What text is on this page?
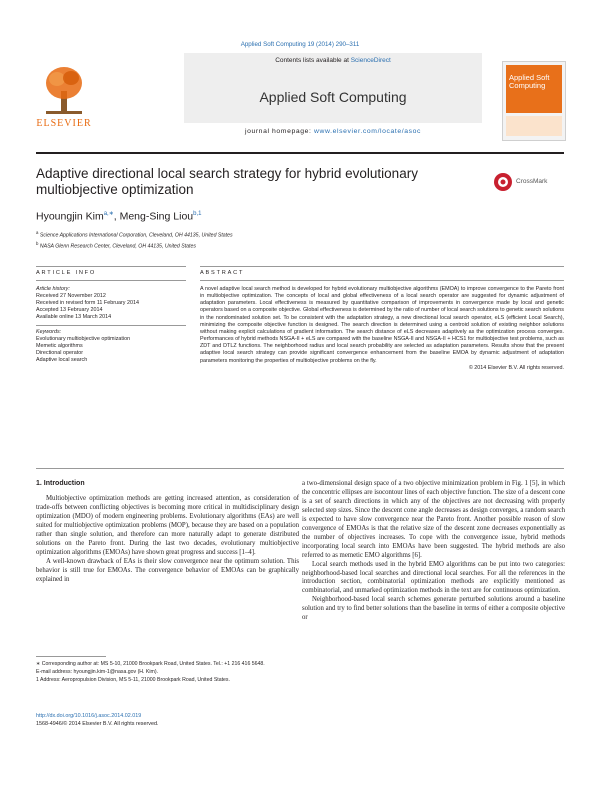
Applied Soft Computing 19 (2014) 290–311
ELSEVIER
Contents lists available at ScienceDirect
Applied Soft Computing
journal homepage: www.elsevier.com/locate/asoc
Applied Soft Computing
Adaptive directional local search strategy for hybrid evolutionary multiobjective optimization
CrossMark
Hyoungjin Kim$^{a,∗}$, Meng-Sing Liou$^{b,1}$
$^a$ Science Applications International Corporation, Cleveland, OH 44135, United States
$^b$ NASA Glenn Research Center, Cleveland, OH 44135, United States
ARTICLE INFO	ABSTRACT
Article history:
Received 27 November 2012
Received in revised form 11 February 2014
Accepted 13 February 2014
Available online 13 March 2014
Keywords:
Evolutionary multiobjective optimization
Memetic algorithms
Directional operator
Adaptive local search
A novel adaptive local search method is developed for hybrid evolutionary multiobjective algorithms (EMOA) to improve convergence to the Pareto front in multiobjective optimization. The concepts of local and global effectiveness of a local search operator are suggested for dynamic adjustment of adaptation parameters. Local effectiveness is measured by quantitative comparison of improvements in convergence made by local and genetic operators based on a composite objective. Global effectiveness is determined by the ratio of number of local search solutions to genetic search solutions in the nondominated solution set. To be consistent with the adaptation strategy, a new directional local search operator, eLS (efficient Local Search), minimizing the composite objective function is designed. The search direction is determined using a centroid solution of existing neighbor solutions without making explicit calculations of gradient information. The search distance of eLS decreases adaptively as the optimization process converges. Performances of hybrid methods NSGA-II + eLS are compared with the baseline NSGA-II and NSGA-II + HCS1 for multiobjective test problems, such as ZDT and DTLZ functions. The neighborhood radius and local search probability are selected as adaptation parameters. Results show that the present adaptive local search strategy can provide significant convergence enhancement from the baseline EMOA by dynamic adjustment of adaptation parameters monitoring the properties of multiobjective problems on the fly.
© 2014 Elsevier B.V. All rights reserved.
1. Introduction

Multiobjective optimization methods are getting increased attention, as consideration of trade-offs between conflicting objectives is becoming more critical in multidisciplinary design optimization (MDO) of modern engineering problems. Evolutionary algorithms (EAs) are well suited for multiobjective optimization problems (MOP), because they are based on a population rather than single solution, and therefore can more naturally adapt to generate distributed solutions on the Pareto front. During the last two decades, evolutionary multiobjective optimization algorithms (EMOAs) have shown great progress and success [1–4].

A well-known drawback of EAs is their slow convergence near the optimum solution. This behavior is still true for EMOAs. The convergence behavior of EMOAs can be graphically explained in

a two-dimensional design space of a two objective minimization problem in Fig. 1 [5], in which the concentric ellipses are isocontour lines of each objective function. The size of a descent cone is a set of search directions in which any of the objectives are not decreasing with properly selected step sizes. Since the descent cone angle decreases as design converges, a random search is expected to have slow convergence near the Pareto front. Another possible reason of slow convergence of EMOAs is that the relative size of the descent zone decreases exponentially as the number of objectives increases. To cope with the convergence issue, hybrid methods incorporating local search into EMOAs have been suggested. The hybrid methods are also referred to as memetic EMO algorithms [6].

Local search methods used in the hybrid EMO algorithms can be put into two categories: neighborhood-based local searches and directional local searches. For all the references in the introduction section, combinatorial optimization methods are explicitly mentioned as combinatorial, and unmarked optimization methods in the text are for continuous optimization.

Neighborhood-based local search schemes generate perturbed solutions around a baseline solution and try to find better solutions than the baseline in terms of either a composite objective or

∗ Corresponding author at: MS 5-10, 21000 Brookpark Road, United States. Tel.: +1 216 416 5648.
E-mail address: hyoungjin.kim-1@nasa.gov (H. Kim).
1 Address: Aeropropulsion Division, MS 5-11, 21000 Brookpark Road, United States.
http://dx.doi.org/10.1016/j.asoc.2014.02.019
1568-4946/© 2014 Elsevier B.V. All rights reserved.
